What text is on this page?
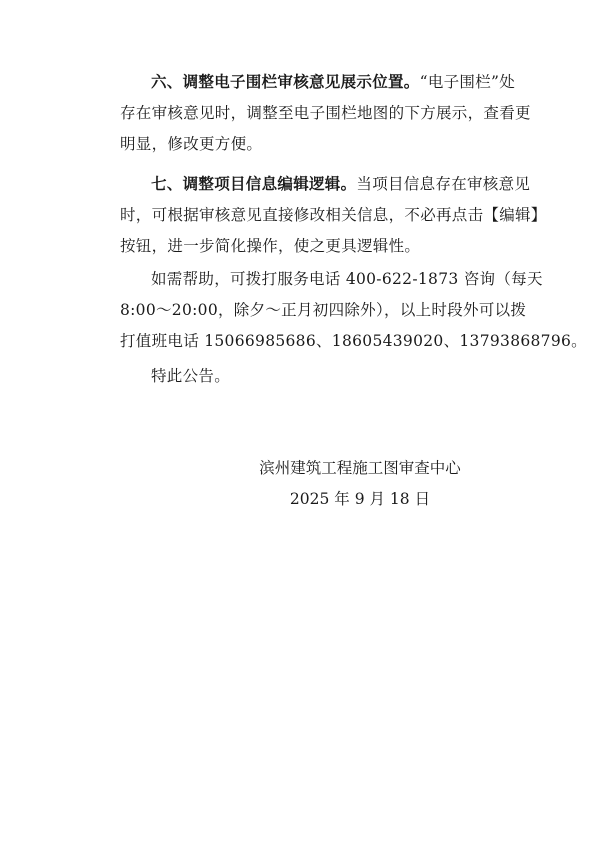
六、调整电子围栏审核意见展示位置。“电子围栏”处
存在审核意见时，调整至电子围栏地图的下方展示，查看更
明显，修改更方便。
七、调整项目信息编辑逻辑。当项目信息存在审核意见
时，可根据审核意见直接修改相关信息，不必再点击【编辑】
按钮，进一步简化操作，使之更具逻辑性。
如需帮助，可拨打服务电话 400-622-1873 咨询（每天
8:00～20:00，除夕～正月初四除外），以上时段外可以拨
打值班电话 15066985686、18605439020、13793868796。
特此公告。
滨州建筑工程施工图审查中心
2025 年 9 月 18 日
